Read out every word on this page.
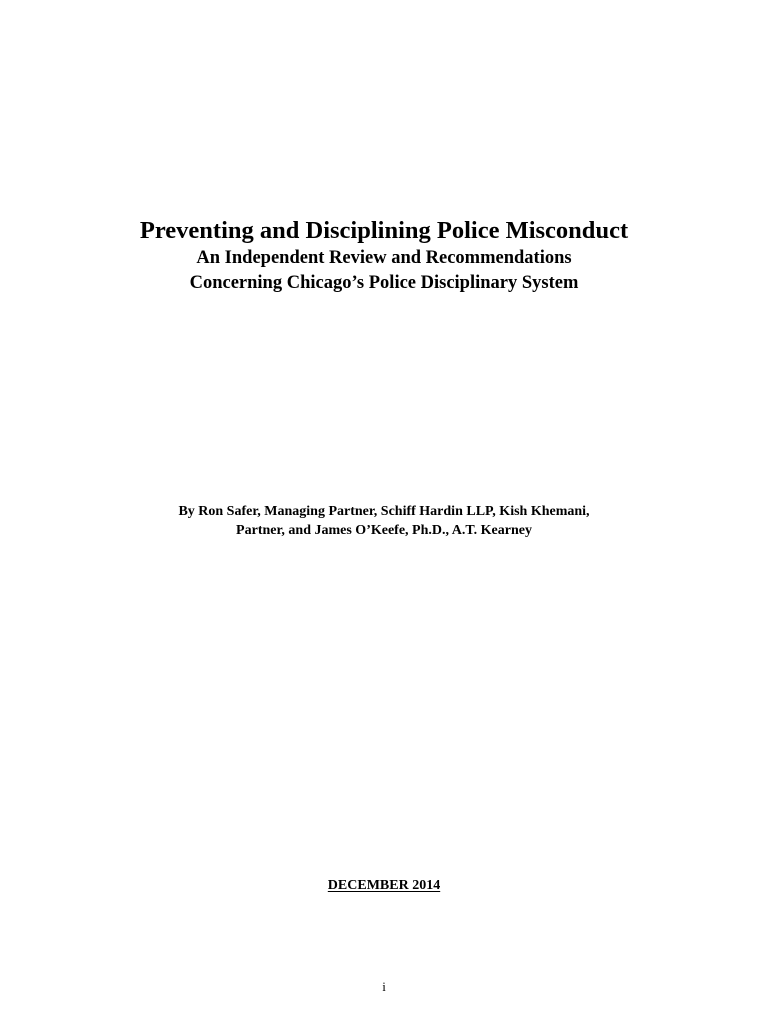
Preventing and Disciplining Police Misconduct
An Independent Review and Recommendations
Concerning Chicago’s Police Disciplinary System
By Ron Safer, Managing Partner, Schiff Hardin LLP, Kish Khemani,
Partner, and James O’Keefe, Ph.D., A.T. Kearney
DECEMBER 2014
i
